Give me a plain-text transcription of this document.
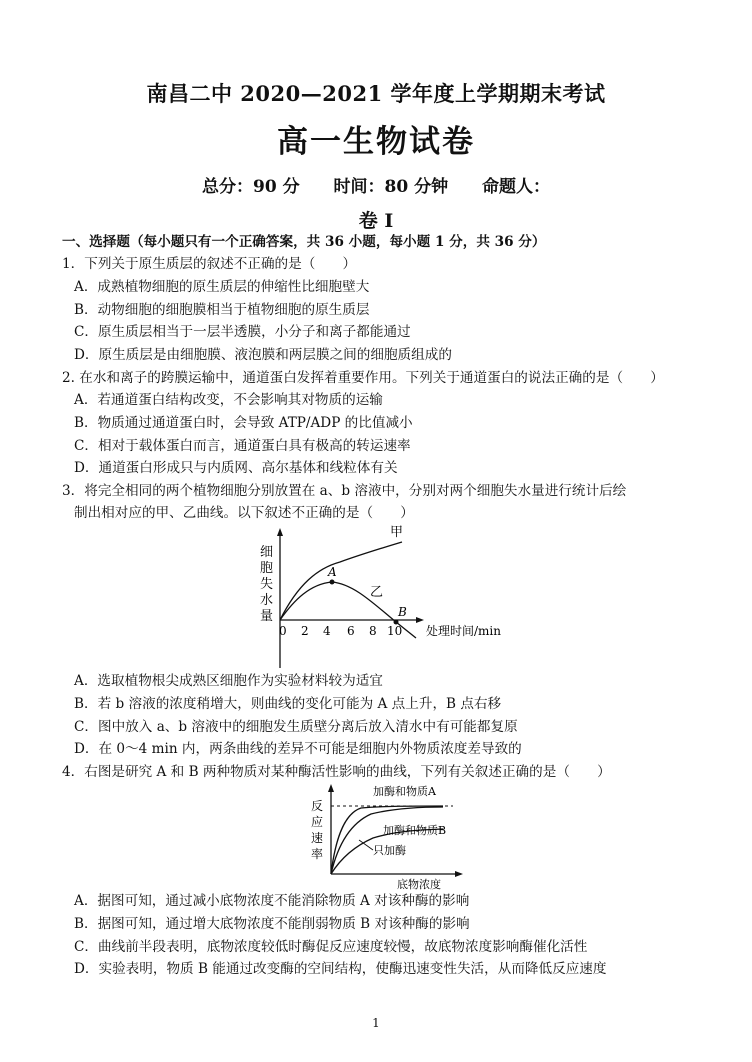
南昌二中 2020—2021 学年度上学期期末考试
高一生物试卷
总分：90 分 时间：80 分钟 命题人：
卷 I
一、选择题（每小题只有一个正确答案，共 36 小题，每小题 1 分，共 36 分）
1．下列关于原生质层的叙述不正确的是（　　）
A．成熟植物细胞的原生质层的伸缩性比细胞壁大
B．动物细胞的细胞膜相当于植物细胞的原生质层
C．原生质层相当于一层半透膜，小分子和离子都能通过
D．原生质层是由细胞膜、液泡膜和两层膜之间的细胞质组成的
2. 在水和离子的跨膜运输中，通道蛋白发挥着重要作用。下列关于通道蛋白的说法正确的是（　　）
A．若通道蛋白结构改变，不会影响其对物质的运输
B．物质通过通道蛋白时，会导致 ATP/ADP 的比值减小
C．相对于载体蛋白而言，通道蛋白具有极高的转运速率
D．通道蛋白形成只与内质网、高尔基体和线粒体有关
3．将完全相同的两个植物细胞分别放置在 a、b 溶液中，分别对两个细胞失水量进行统计后绘
制出相对应的甲、乙曲线。以下叙述不正确的是（　　）
细
胞
失
水
量
甲
乙
A
B
0 2 4 6 8 10 处理时间/min
A．选取植物根尖成熟区细胞作为实验材料较为适宜
B．若 b 溶液的浓度稍增大，则曲线的变化可能为 A 点上升，B 点右移
C．图中放入 a、b 溶液中的细胞发生质壁分离后放入清水中有可能都复原
D．在 0～4 min 内，两条曲线的差异不可能是细胞内外物质浓度差导致的
4．右图是研究 A 和 B 两种物质对某种酶活性影响的曲线，下列有关叙述正确的是（　　）
反
应
速
率
加酶和物质A
加酶和物质B
只加酶
底物浓度
A．据图可知，通过减小底物浓度不能消除物质 A 对该种酶的影响
B．据图可知，通过增大底物浓度不能削弱物质 B 对该种酶的影响
C．曲线前半段表明，底物浓度较低时酶促反应速度较慢，故底物浓度影响酶催化活性
D．实验表明，物质 B 能通过改变酶的空间结构，使酶迅速变性失活，从而降低反应速度
1
